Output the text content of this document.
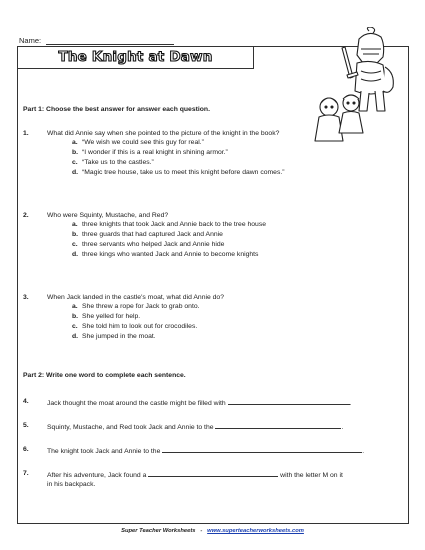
Name:
The Knight at Dawn
Part 1: Choose the best answer for answer each question.
1.	What did Annie say when she pointed to the picture of the knight in the book?
a. “We wish we could see this guy for real.”
b. “I wonder if this is a real knight in shining armor.”
c. “Take us to the castles.”
d. “Magic tree house, take us to meet this knight before dawn comes.”
2.	Who were Squinty, Mustache, and Red?
a. three knights that took Jack and Annie back to the tree house
b. three guards that had captured Jack and Annie
c. three servants who helped Jack and Annie hide
d. three kings who wanted Jack and Annie to become knights
3.	When Jack landed in the castle's moat, what did Annie do?
a. She threw a rope for Jack to grab onto.
b. She yelled for help.
c. She told him to look out for crocodiles.
d. She jumped in the moat.
Part 2: Write one word to complete each sentence.
4.	Jack thought the moat around the castle might be filled with	.
5.	Squinty, Mustache, and Red took Jack and Annie to the	.
6.	The knight took Jack and Annie to the	.
7.	After his adventure, Jack found a	with the letter M on it
in his backpack.
Super Teacher Worksheets - www.superteacherworksheets.com
